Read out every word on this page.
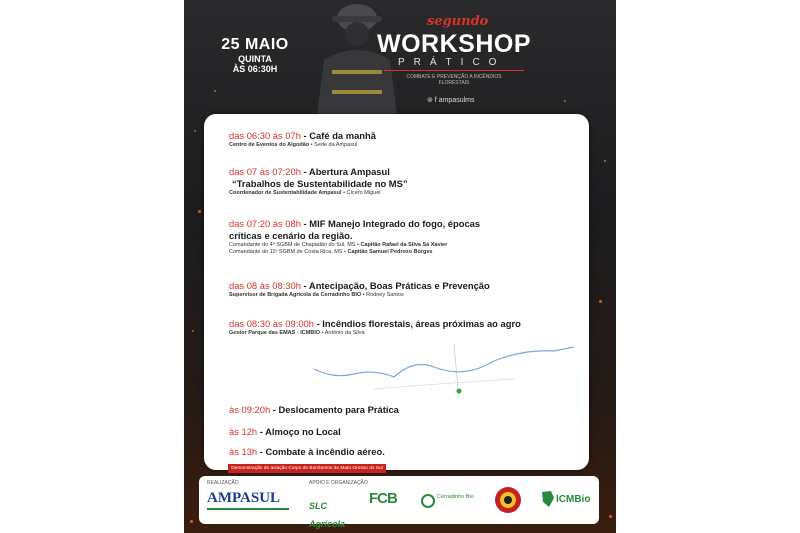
25 MAIO
QUINTA
ÀS 06:30H
segundo
WORKSHOP
PRÁTICO
COMBATE E PREVENÇÃO A INCÊNDIOS FLORESTAIS
⊚ f ampasulms
das 06:30 às 07h - Café da manhã
Centro de Eventos do Algodão • Sede da Ampasul
das 07 às 07:20h - Abertura Ampasul
“Trabalhos de Sustentabilidade no MS”
Coordenador de Sustentabilidade Ampasul • Cícero Miguel
das 07:20 às 08h - MIF Manejo Integrado do fogo, épocas
críticas e cenário da região.
Comandante do 4º SGBM de Chapadão do Sul, MS • Capitão Rafael da Silva Sá Xavier
Comandante do 11º SGBM de Costa Rica, MS • Capitão Samuel Pedrozo Borges
das 08 às 08:30h - Antecipação, Boas Práticas e Prevenção
Supervisor de Brigada Agrícola da Cerradinho BIO • Rodney Santos
das 08:30 às 09:00h - Incêndios florestais, áreas próximas ao agro
Gestor Parque das EMAS - ICMBIO • Antônio da Silva
às 09:20h - Deslocamento para Prática
às 12h - Almoço no Local
às 13h - Combate à incêndio aéreo.
Demonstração de aviação Corpo de Bombeiros de Mato Grosso do Sul
REALIZAÇÃO	APOIO E ORGANIZAÇÃO
AMPASUL	SLC Agrícola
FCB	Cerradinho Bio	ICMBio
